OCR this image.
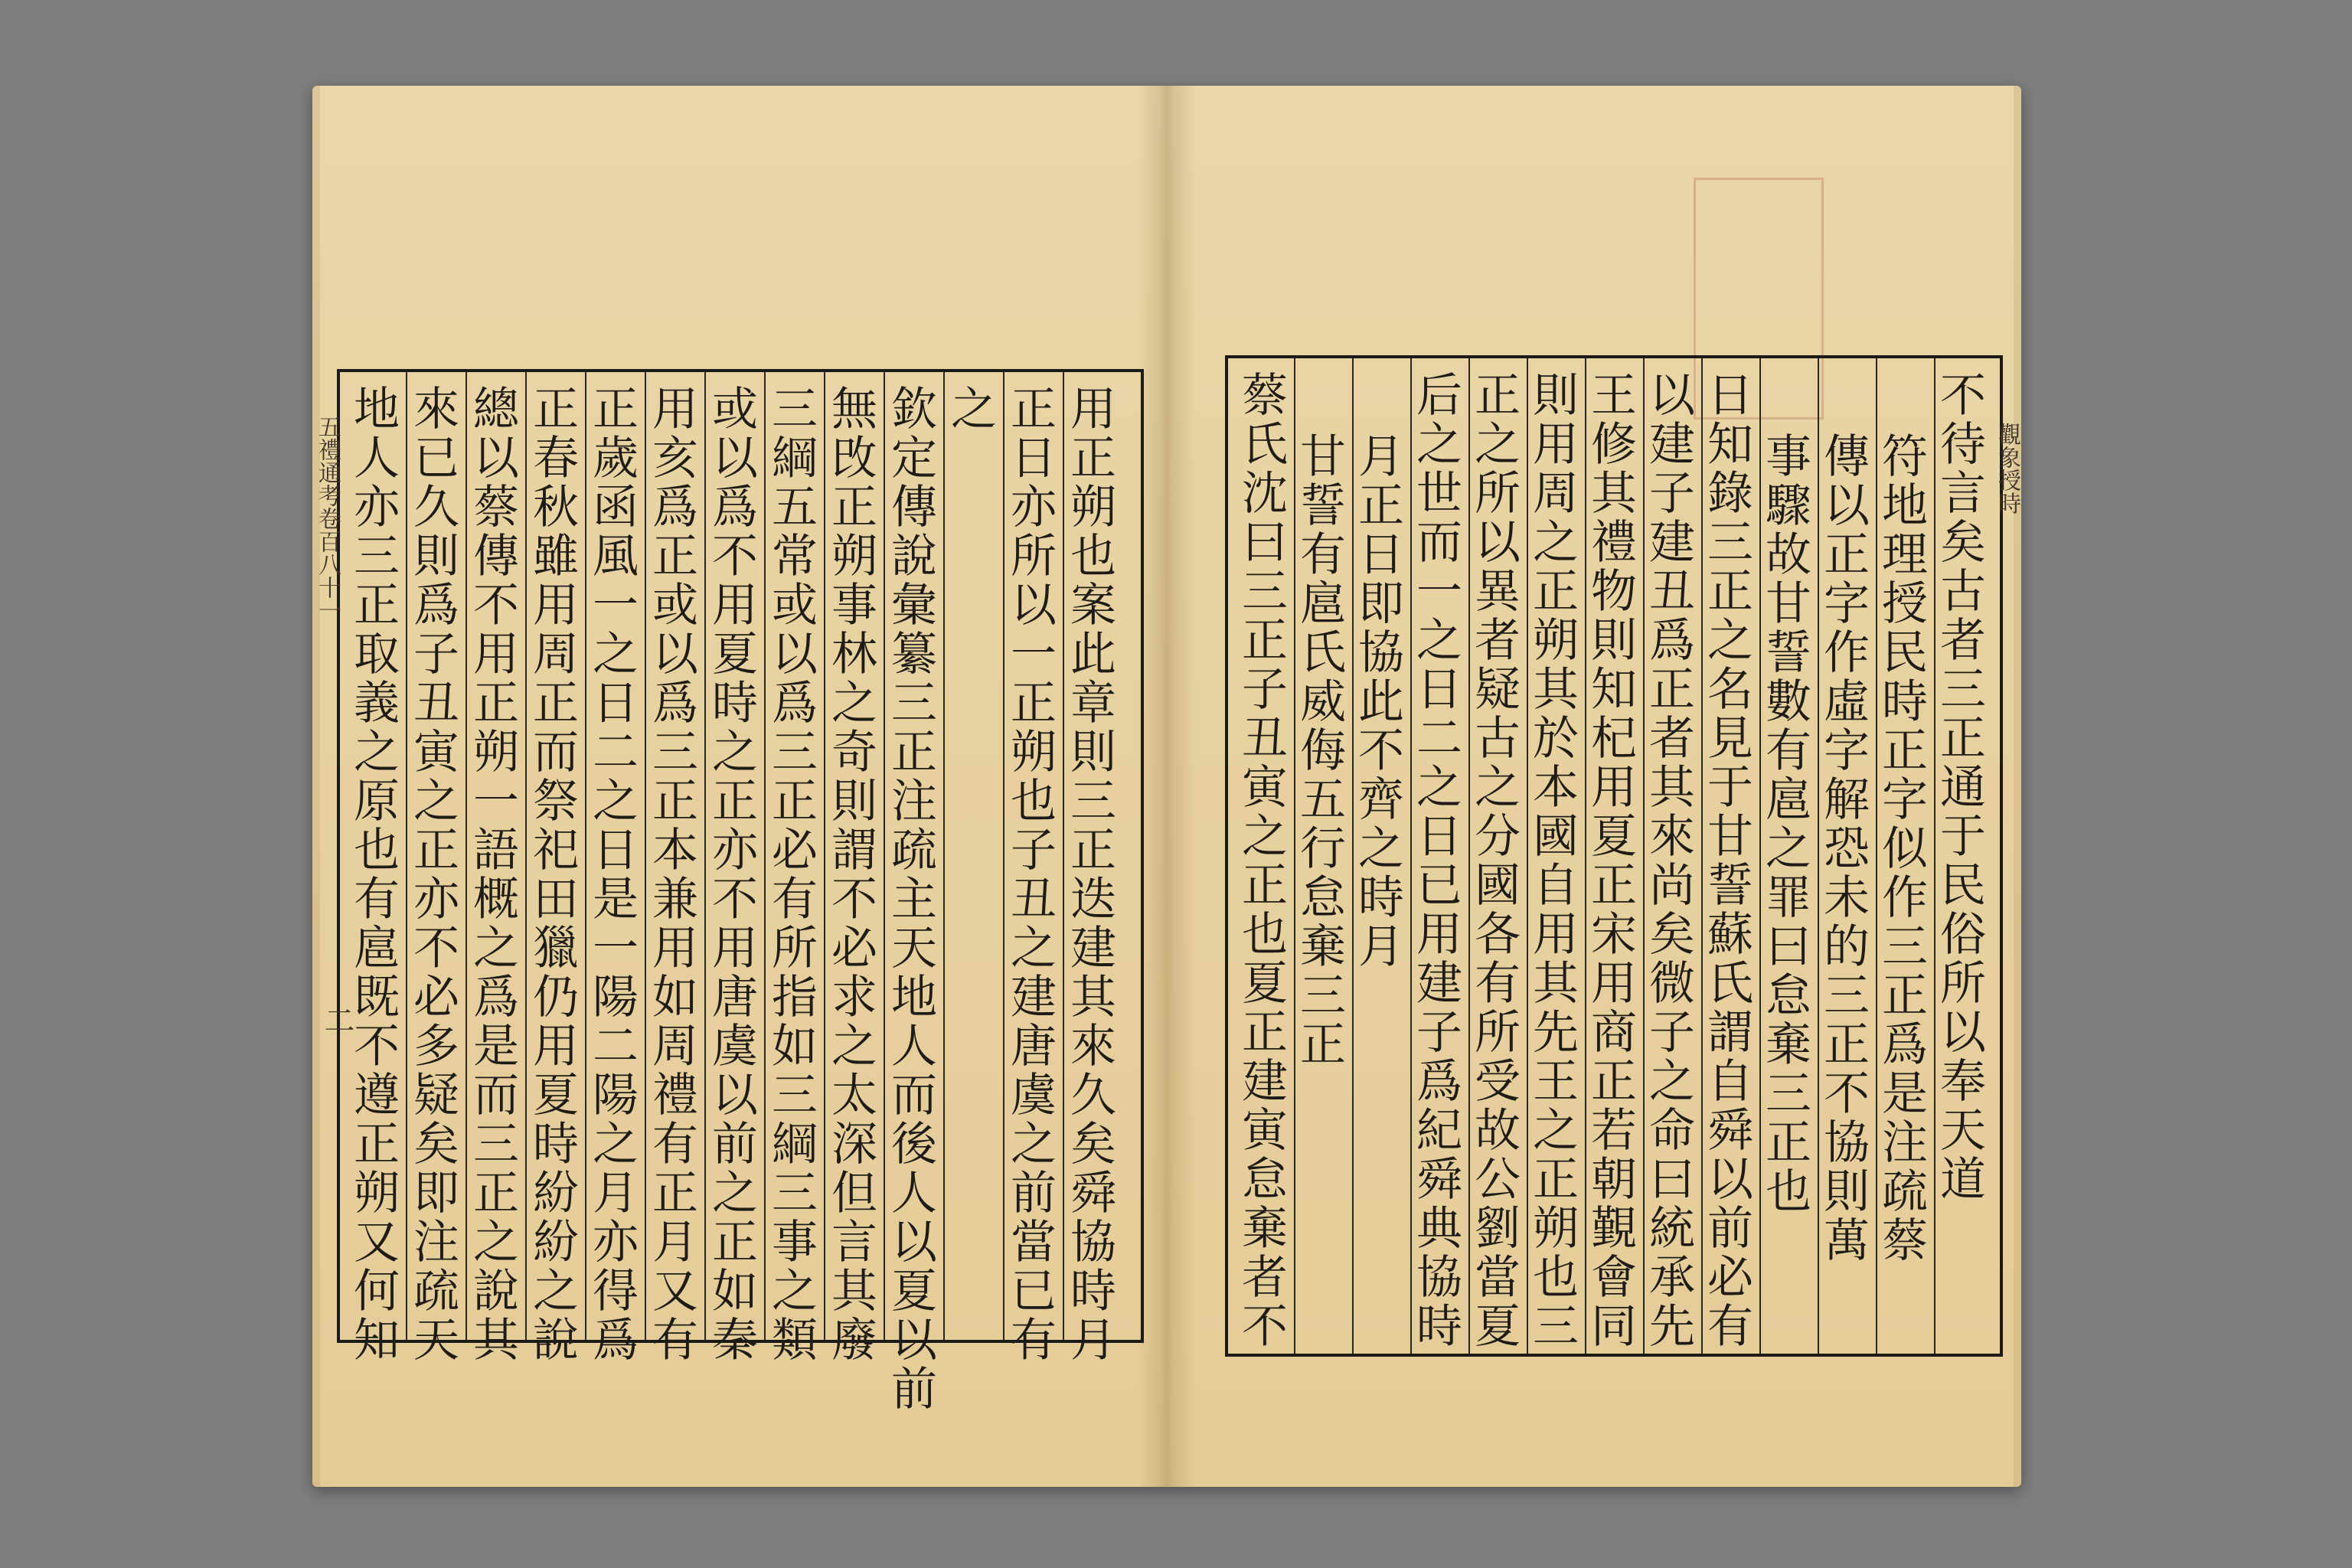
地人亦三正取義之原也有扈既不遵正朔又何知 來已久則爲子丑寅之正亦不必多疑矣即注疏天 總以蔡傳不用正朔一語概之爲是而三正之說其 正春秋雖用周正而祭祀田獵仍用夏時紛紛之說 正歲函風一之日二之日是一陽二陽之月亦得爲 用亥爲正或以爲三正本兼用如周禮有正月又有 或以爲不用夏時之正亦不用唐虞以前之正如秦 三綱五常或以爲三正必有所指如三綱三事之類 無攺正朔事林之奇則謂不必求之太深但言其廢 欽定傳說彙纂三正注疏主天地人而後人以夏以前 之 正日亦所以一正朔也子丑之建唐虞之前當已有 用正朔也案此章則三正迭建其來久矣舜協時月
二
五禮通考卷百八十一	蔡氏沈曰三正子丑寅之正也夏正建寅怠棄者不 甘誓有扈氏威侮五行怠棄三正 月正日即協此不齊之時月 后之世而一之日二之日已用建子爲紀舜典協時 正之所以異者疑古之分國各有所受故公劉當夏 則用周之正朔其於本國自用其先王之正朔也三 王修其禮物則知杞用夏正宋用商正若朝覲會同 以建子建丑爲正者其來尚矣微子之命曰統承先 日知錄三正之名見于甘誓蘇氏謂自舜以前必有 事驟故甘誓數有扈之罪曰怠棄三正也 傳以正字作虛字解恐未的三正不協則萬 符地理授民時正字似作三正爲是注疏蔡 不待言矣古者三正通于民俗所以奉天道 觀象授時
